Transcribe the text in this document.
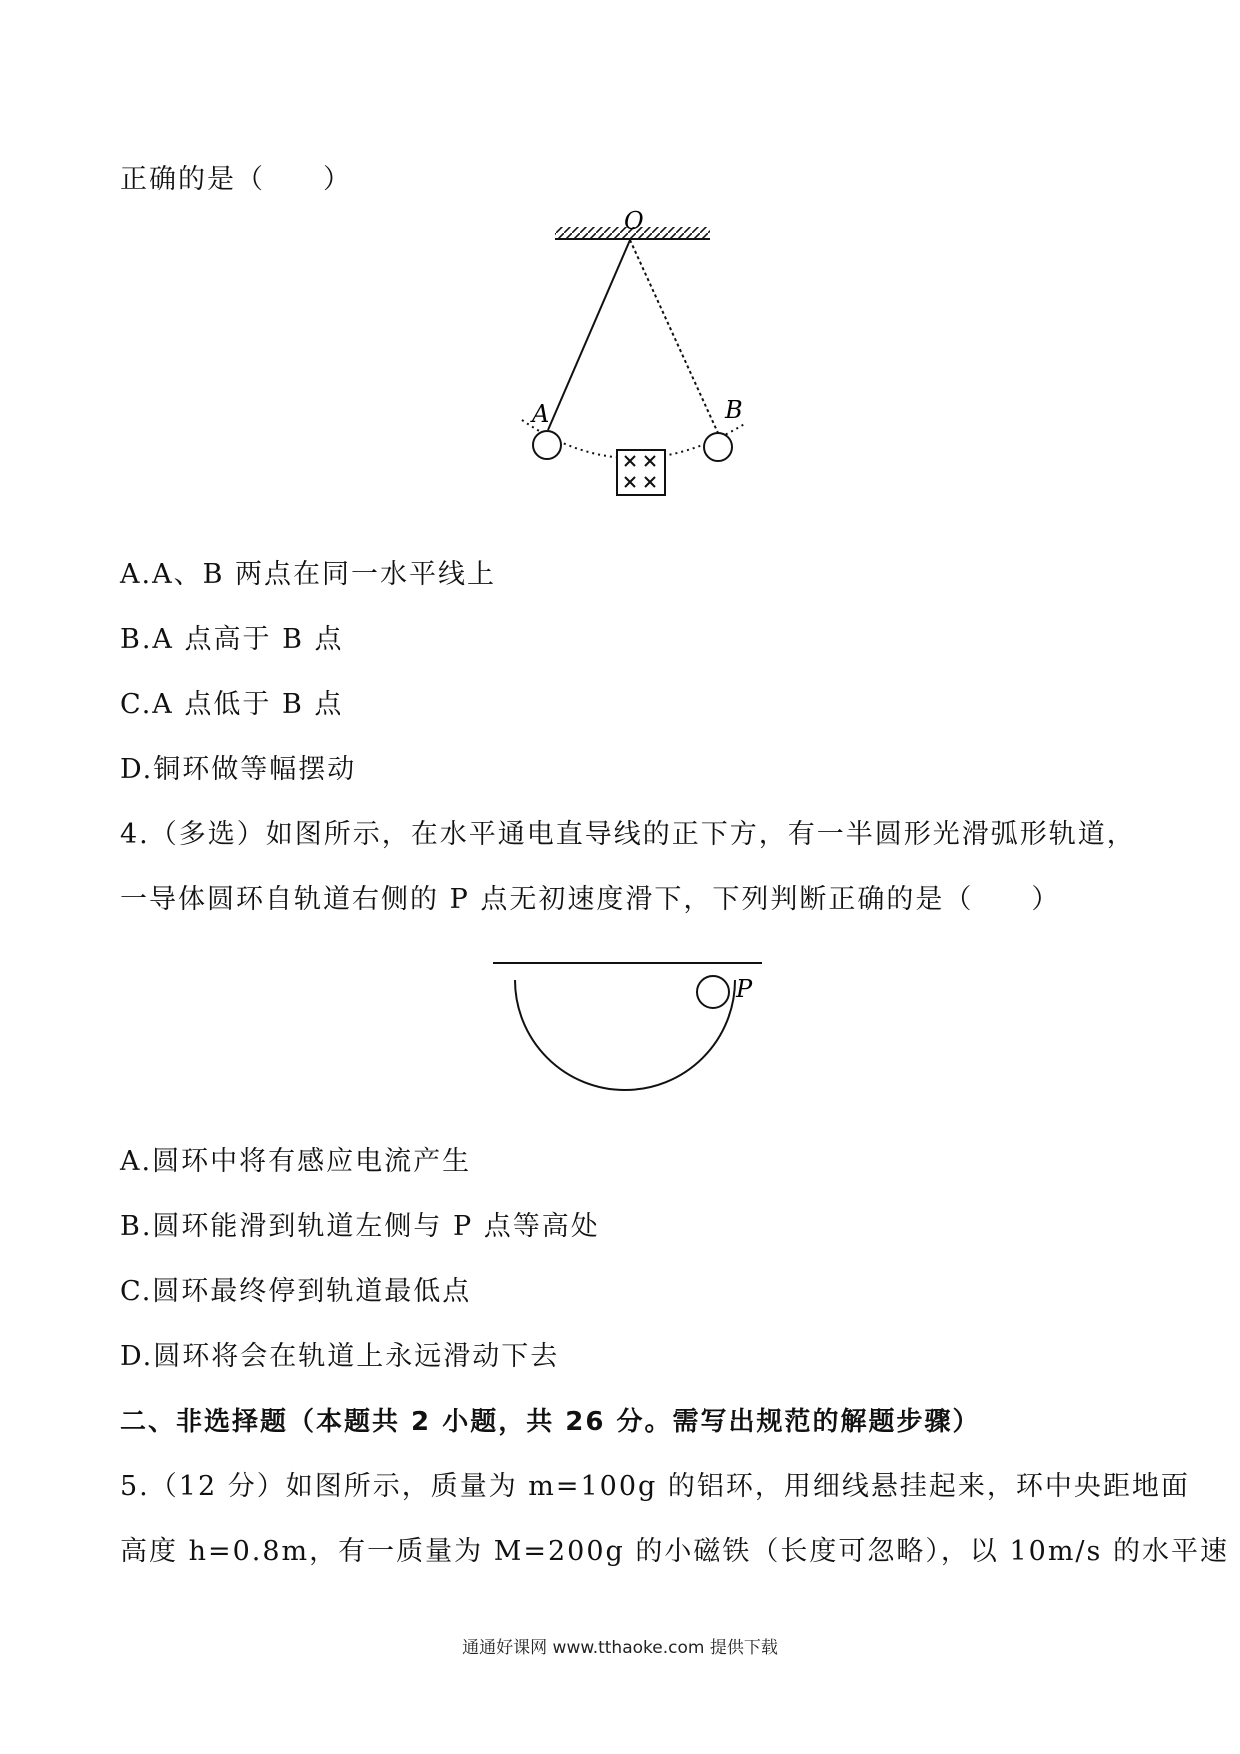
正确的是（　　）
O
A	B
A.A、B 两点在同一水平线上
B.A 点高于 B 点
C.A 点低于 B 点
D.铜环做等幅摆动
4.（多选）如图所示，在水平通电直导线的正下方，有一半圆形光滑弧形轨道，
一导体圆环自轨道右侧的 P 点无初速度滑下，下列判断正确的是（　　）
P
A.圆环中将有感应电流产生
B.圆环能滑到轨道左侧与 P 点等高处
C.圆环最终停到轨道最低点
D.圆环将会在轨道上永远滑动下去
二、非选择题（本题共 2 小题，共 26 分。需写出规范的解题步骤）
5.（12 分）如图所示，质量为 m=100g 的铝环，用细线悬挂起来，环中央距地面
高度 h=0.8m，有一质量为 M=200g 的小磁铁（长度可忽略），以 10m/s 的水平速
通通好课网 www.tthaoke.com 提供下载
